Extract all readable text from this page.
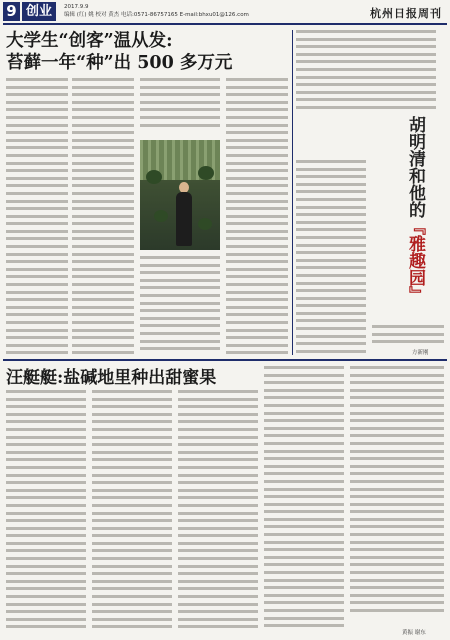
9 创业	2017.9.9
编辑 (红) 姚 校对 黄杰 电话:0571-86757165 E-mail:bhxu01@126.com	杭州日报周刊
大学生“创客”温从发:
苔藓一年“种”出 500 多万元
胡明清和他的『雅趣园』
方新刚
汪艇艇:盐碱地里种出甜蜜果
黄振 谢东
